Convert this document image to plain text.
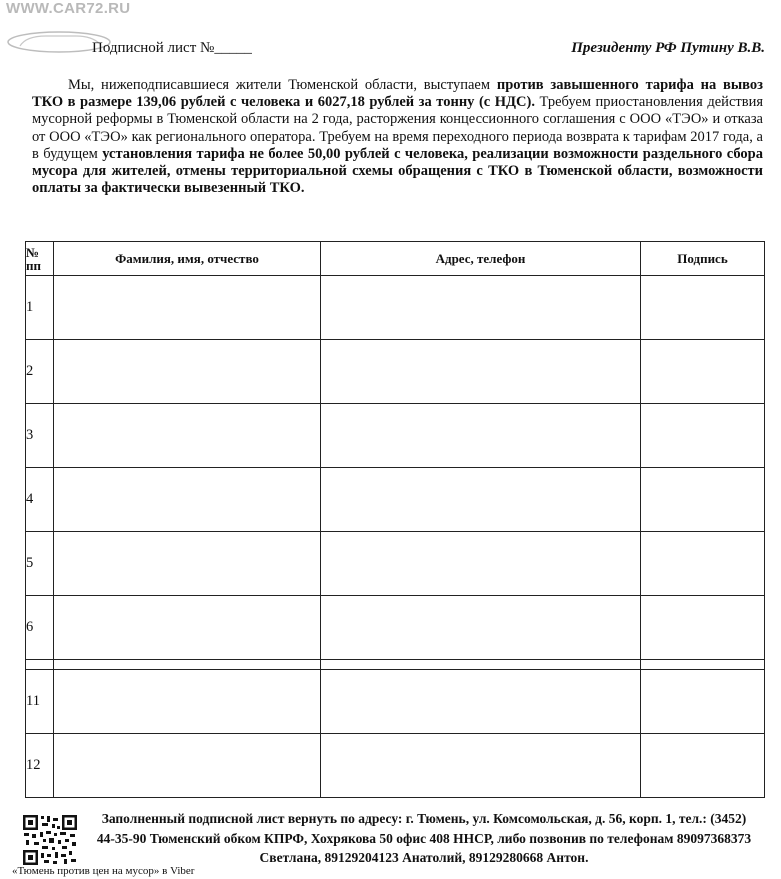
WWW.CAR72.RU
Подписной лист №_____	Президенту РФ Путину В.В.

Мы, нижеподписавшиеся жители Тюменской области, выступаем против завышенного тарифа на вывоз ТКО в размере 139,06 рублей с человека и 6027,18 рублей за тонну (с НДС). Требуем приостановления действия мусорной реформы в Тюменской области на 2 года, расторжения концессионного соглашения с ООО «ТЭО» и отказа от ООО «ТЭО» как регионального оператора. Требуем на время переходного периода возврата к тарифам 2017 года, а в будущем установления тарифа не более 50,00 рублей с человека, реализации возможности раздельного сбора мусора для жителей, отмены территориальной схемы обращения с ТКО в Тюменской области, возможности оплаты за фактически вывезенный ТКО.

№ пп	Фамилия, имя, отчество	Адрес, телефон	Подпись
1			
2			
3			
4			
5			
6			

11			
12			

Заполненный подписной лист вернуть по адресу: г. Тюмень, ул. Комсомольская, д. 56, корп. 1, тел.: (3452) 44-35-90 Тюменский обком КПРФ, Хохрякова 50 офис 408 ННСР, либо позвонив по телефонам 89097368373 Светлана, 89129204123 Анатолий, 89129280668 Антон.

«Тюмень против цен на мусор» в Viber
